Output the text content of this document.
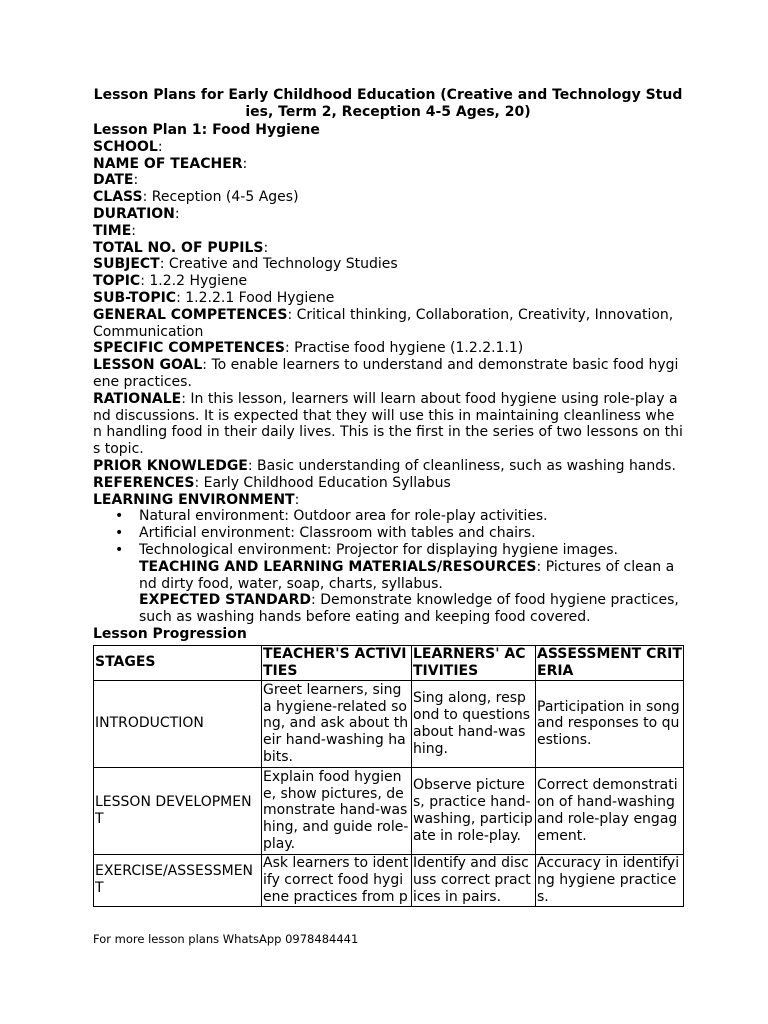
Lesson Plans for Early Childhood Education (Creative and Technology Studies, Term 2, Reception 4-5 Ages, 20)
Lesson Plan 1: Food Hygiene
SCHOOL:
NAME OF TEACHER:
DATE:
CLASS: Reception (4-5 Ages)
DURATION:
TIME:
TOTAL NO. OF PUPILS:
SUBJECT: Creative and Technology Studies
TOPIC: 1.2.2 Hygiene
SUB-TOPIC: 1.2.2.1 Food Hygiene
GENERAL COMPETENCES: Critical thinking, Collaboration, Creativity, Innovation, Communication
SPECIFIC COMPETENCES: Practise food hygiene (1.2.2.1.1)
LESSON GOAL: To enable learners to understand and demonstrate basic food hygiene practices.
RATIONALE: In this lesson, learners will learn about food hygiene using role-play and discussions. It is expected that they will use this in maintaining cleanliness when handling food in their daily lives. This is the first in the series of two lessons on this topic.
PRIOR KNOWLEDGE: Basic understanding of cleanliness, such as washing hands.
REFERENCES: Early Childhood Education Syllabus
LEARNING ENVIRONMENT:
• Natural environment: Outdoor area for role-play activities.
• Artificial environment: Classroom with tables and chairs.
• Technological environment: Projector for displaying hygiene images.
TEACHING AND LEARNING MATERIALS/RESOURCES: Pictures of clean and dirty food, water, soap, charts, syllabus.
EXPECTED STANDARD: Demonstrate knowledge of food hygiene practices, such as washing hands before eating and keeping food covered.
Lesson Progression
STAGES	TEACHER'S ACTIVITIES	LEARNERS' ACTIVITIES	ASSESSMENT CRITERIA
INTRODUCTION	Greet learners, sing a hygiene-related song, and ask about their hand-washing habits.	Sing along, respond to questions about hand-washing.	Participation in song and responses to questions.
LESSON DEVELOPMENT	Explain food hygiene, show pictures, demonstrate hand-washing, and guide role-play.	Observe pictures, practice hand-washing, participate in role-play.	Correct demonstration of hand-washing and role-play engagement.
EXERCISE/ASSESSMENT	Ask learners to identify correct food hygiene practices from p	Identify and discuss correct practices in pairs.	Accuracy in identifying hygiene practices.
For more lesson plans WhatsApp 0978484441
